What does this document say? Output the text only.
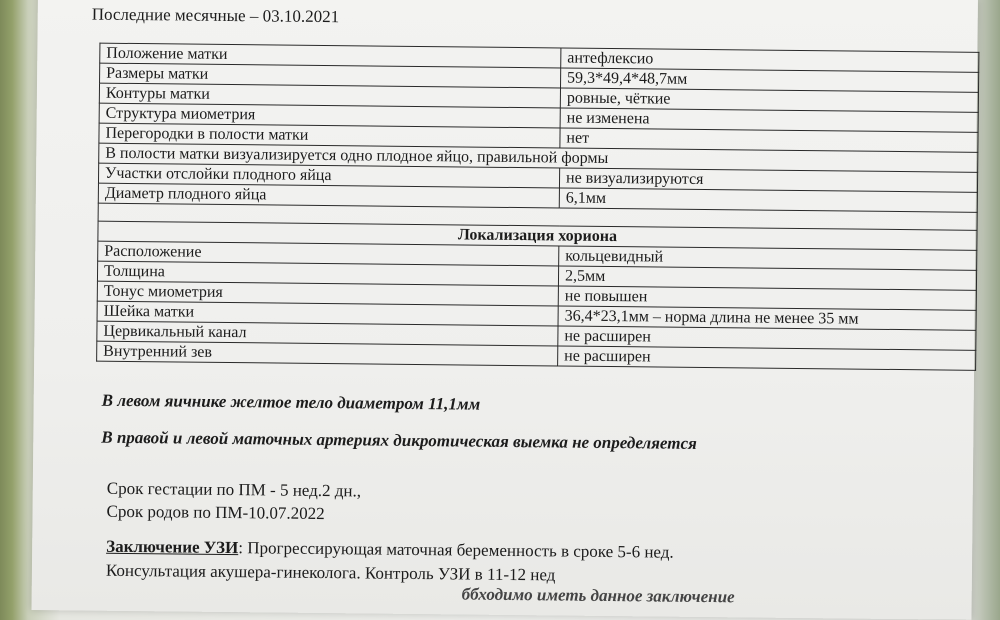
Последние месячные – 03.10.2021
Положение матки	антефлексио
Размеры матки	59,3*49,4*48,7мм
Контуры матки	ровные, чёткие
Структура миометрия	не изменена
Перегородки в полости матки	нет
В полости матки визуализируется одно плодное яйцо, правильной формы	
Участки отслойки плодного яйца	не визуализируются
Диаметр плодного яйца	6,1мм

Локализация хориона	
Расположение	кольцевидный
Толщина	2,5мм
Тонус миометрия	не повышен
Шейка матки	36,4*23,1мм – норма длина не менее 35 мм
Цервикальный канал	не расширен
Внутренний зев	не расширен
В левом яичнике желтое тело диаметром 11,1мм
В правой и левой маточных артериях дикротическая выемка не определяется
Срок гестации по ПМ - 5 нед.2 дн.,
Срок родов по ПМ-10.07.2022
Заключение УЗИ: Прогрессирующая маточная беременность в сроке 5-6 нед.
Консультация акушера-гинеколога. Контроль УЗИ в 11-12 нед
ббходимо иметь данное заключение
